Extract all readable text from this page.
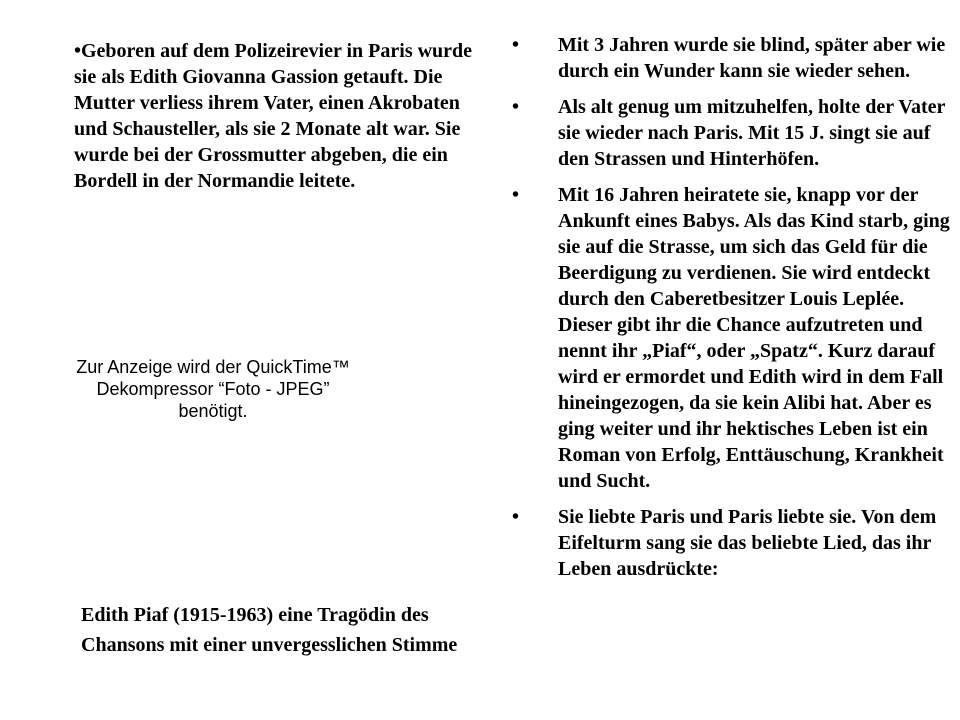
•Geboren auf dem Polizeirevier in Paris wurde sie als Edith Giovanna Gassion getauft. Die Mutter verliess ihrem Vater, einen Akrobaten und Schausteller, als sie 2 Monate alt war. Sie wurde bei der Grossmutter abgeben, die ein Bordell in der Normandie leitete.

Zur Anzeige wird der QuickTime™
Dekompressor “Foto - JPEG”
benötigt.

Edith Piaf (1915-1963) eine Tragödin des Chansons mit einer unvergesslichen Stimme

• Mit 3 Jahren wurde sie blind, später aber wie durch ein Wunder kann sie wieder sehen.
• Als alt genug um mitzuhelfen, holte der Vater sie wieder nach Paris. Mit 15 J. singt sie auf den Strassen und Hinterhöfen.
• Mit 16 Jahren heiratete sie, knapp vor der Ankunft eines Babys. Als das Kind starb, ging sie auf die Strasse, um sich das Geld für die Beerdigung zu verdienen. Sie wird entdeckt durch den Caberetbesitzer Louis Leplée. Dieser gibt ihr die Chance aufzutreten und nennt ihr „Piaf“, oder „Spatz“. Kurz darauf wird er ermordet und Edith wird in dem Fall hineingezogen, da sie kein Alibi hat. Aber es ging weiter und ihr hektisches Leben ist ein Roman von Erfolg, Enttäuschung, Krankheit und Sucht.
• Sie liebte Paris und Paris liebte sie. Von dem Eifelturm sang sie das beliebte Lied, das ihr Leben ausdrückte:
